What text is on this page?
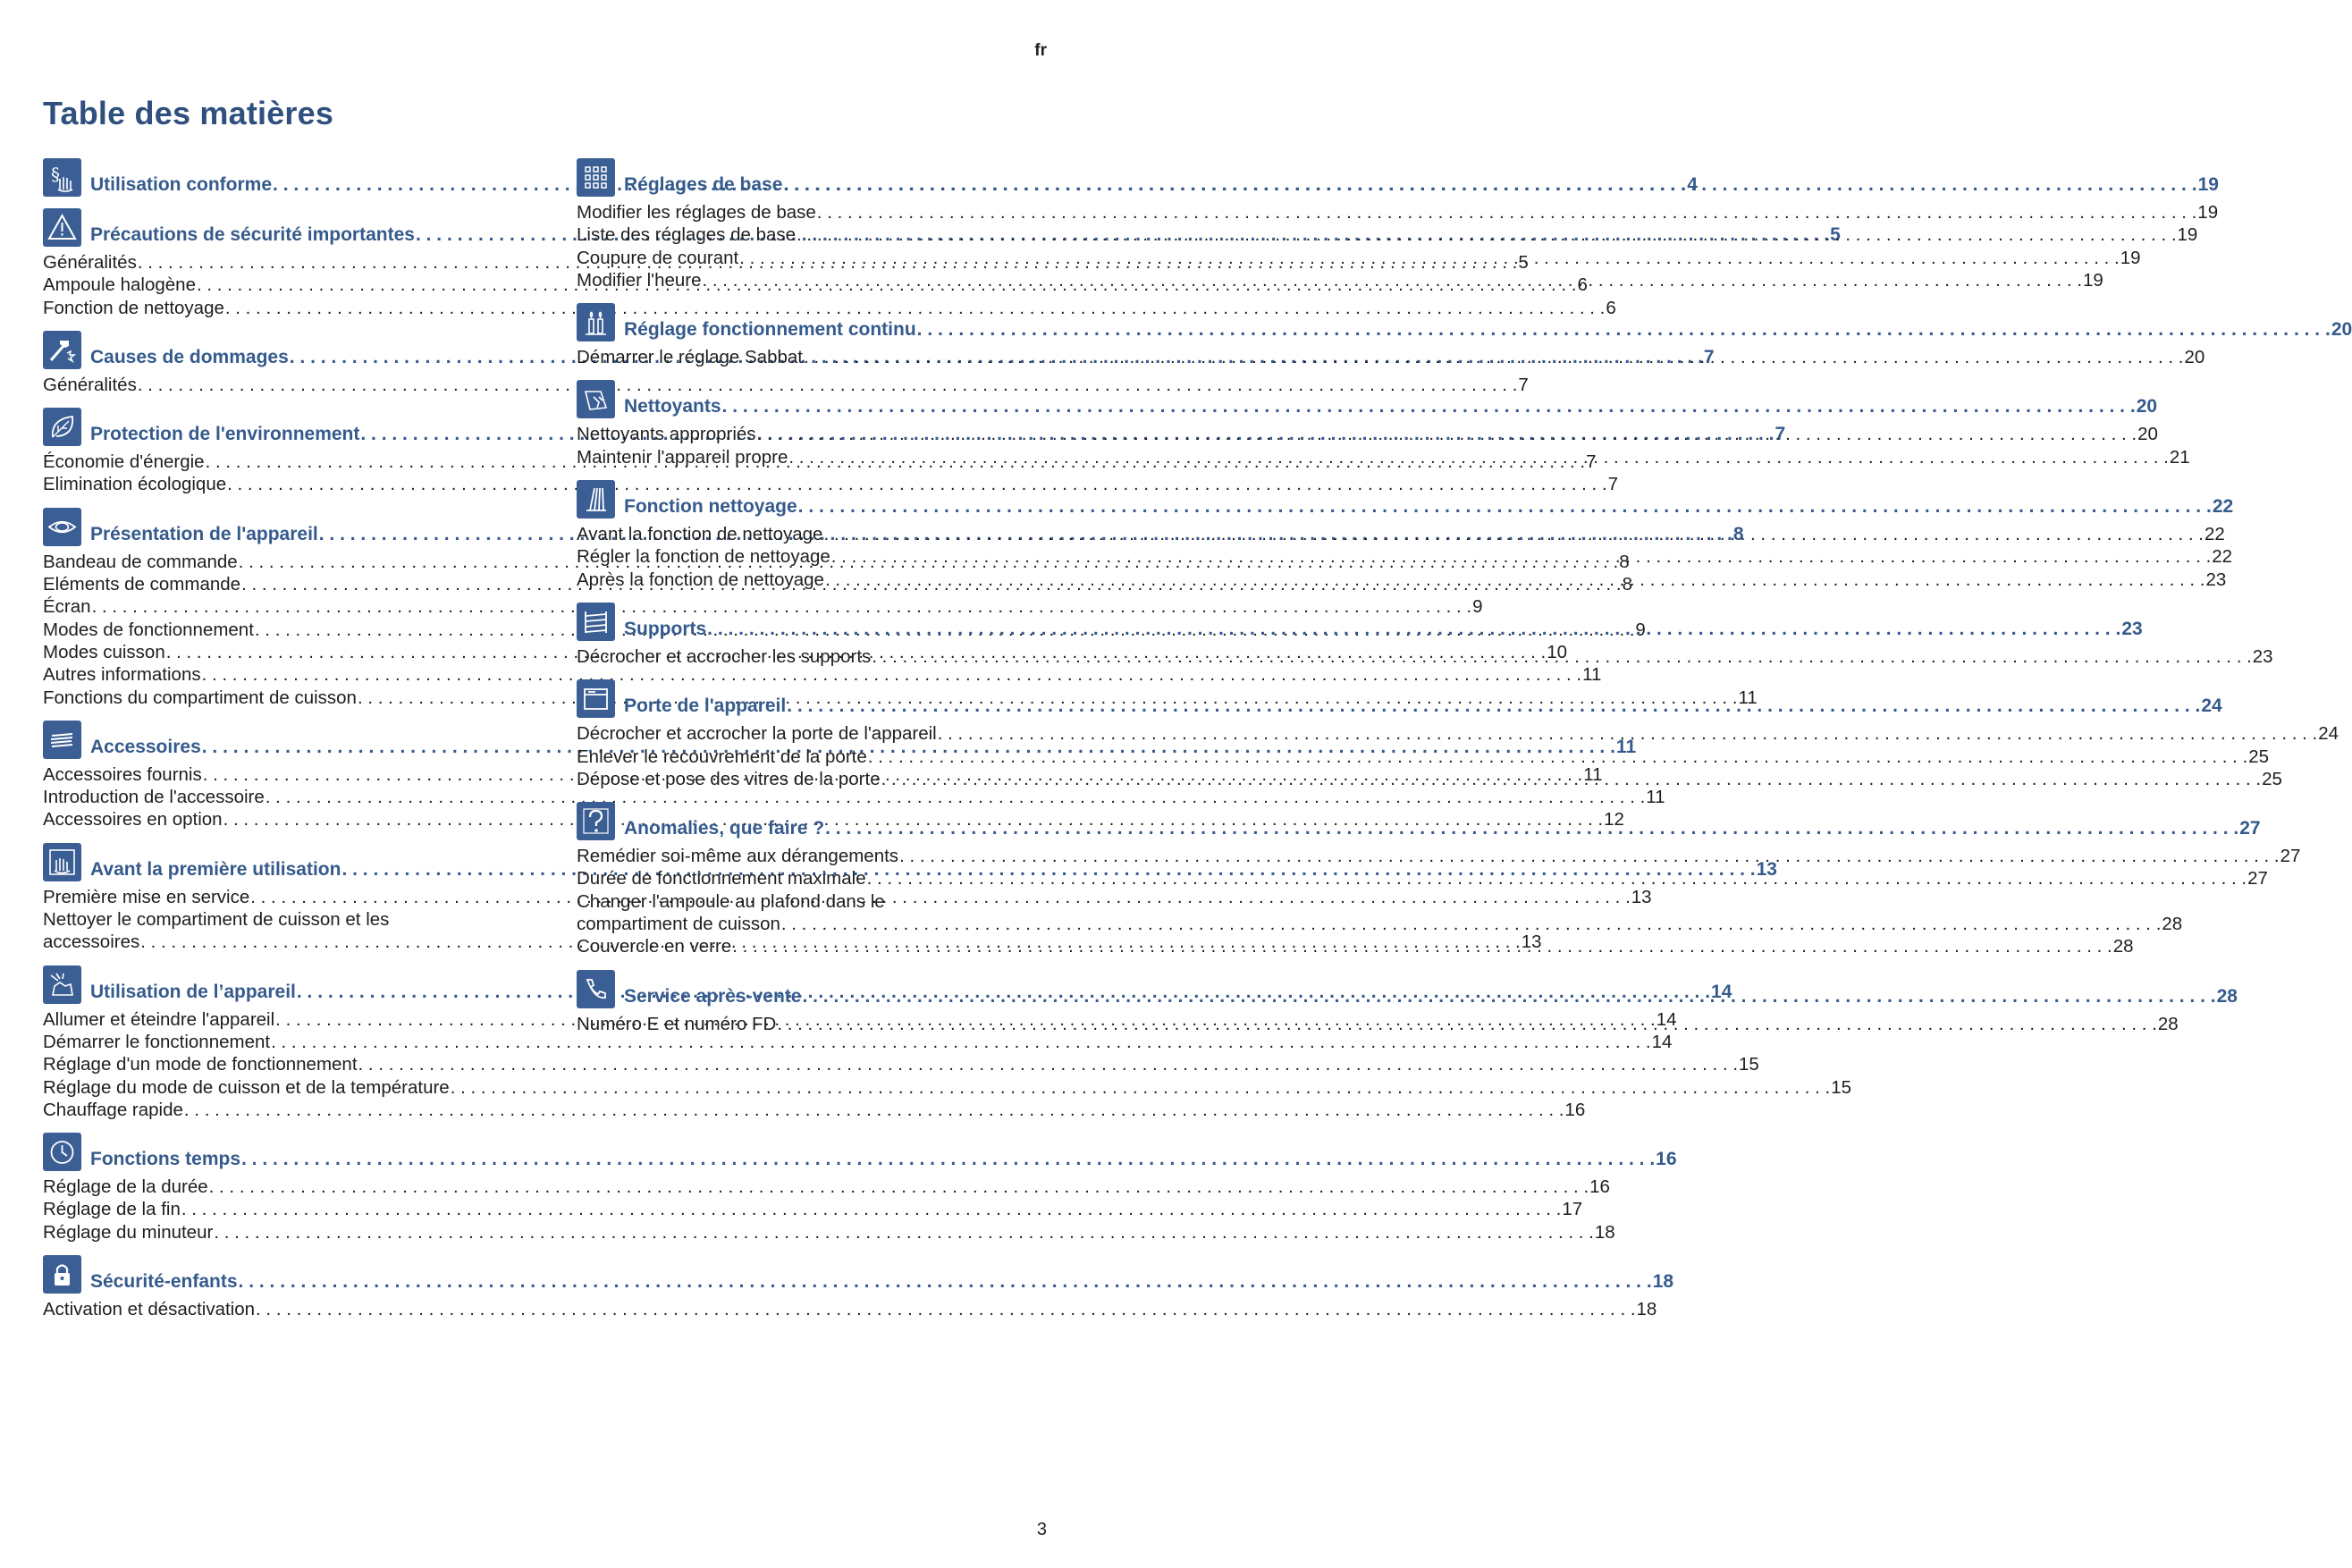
fr
Table des matières
§ Utilisation conforme . . .	4
Précautions de sécurité importantes . . .	5
Généralités . . .	5
Ampoule halogène . . .	6
Fonction de nettoyage . . .	6
Causes de dommages . . .	7
Généralités . . .	7
Protection de l'environnement . . .	7
Économie d'énergie . . .	7
Elimination écologique . . .	7
Présentation de l'appareil . . .	8
Bandeau de commande . . .	8
Eléments de commande . . .	8
Écran . . .	9
Modes de fonctionnement . . .	9
Modes cuisson . . .	10
Autres informations . . .	11
Fonctions du compartiment de cuisson . . .	11
Accessoires . . .	11
Accessoires fournis . . .	11
Introduction de l'accessoire . . .	11
Accessoires en option . . .	12
Avant la première utilisation . . .	13
Première mise en service . . .	13
Nettoyer le compartiment de cuisson et les
accessoires . . .	13
Utilisation de l’appareil . . .	14
Allumer et éteindre l'appareil . . .	14
Démarrer le fonctionnement . . .	14
Réglage d'un mode de fonctionnement . . .	15
Réglage du mode de cuisson et de la température . . .	15
Chauffage rapide . . .	16
Fonctions temps . . .	16
Réglage de la durée . . .	16
Réglage de la fin . . .	17
Réglage du minuteur . . .	18
Sécurité-enfants . . .	18
Activation et désactivation . . .	18
Réglages de base . . .	19
Modifier les réglages de base . . .	19
Liste des réglages de base . . .	19
Coupure de courant . . .	19
Modifier l'heure . . .	19
Réglage fonctionnement continu . . .	20
Démarrer le réglage Sabbat . . .	20
Nettoyants . . .	20
Nettoyants appropriés . . .	20
Maintenir l'appareil propre . . .	21
Fonction nettoyage . . .	22
Avant la fonction de nettoyage . . .	22
Régler la fonction de nettoyage . . .	22
Après la fonction de nettoyage . . .	23
Supports . . .	23
Décrocher et accrocher les supports . . .	23
Porte de l'appareil . . .	24
Décrocher et accrocher la porte de l'appareil . . .	24
Enlever le recouvrement de la porte . . .	25
Dépose et pose des vitres de la porte . . .	25
Anomalies, que faire ? . . .	27
Remédier soi-même aux dérangements . . .	27
Durée de fonctionnement maximale . . .	27
Changer l'ampoule au plafond dans le
compartiment de cuisson . . .	28
Couvercle en verre . . .	28
Service après-vente . . .	28
Numéro E et numéro FD . . .	28
3
